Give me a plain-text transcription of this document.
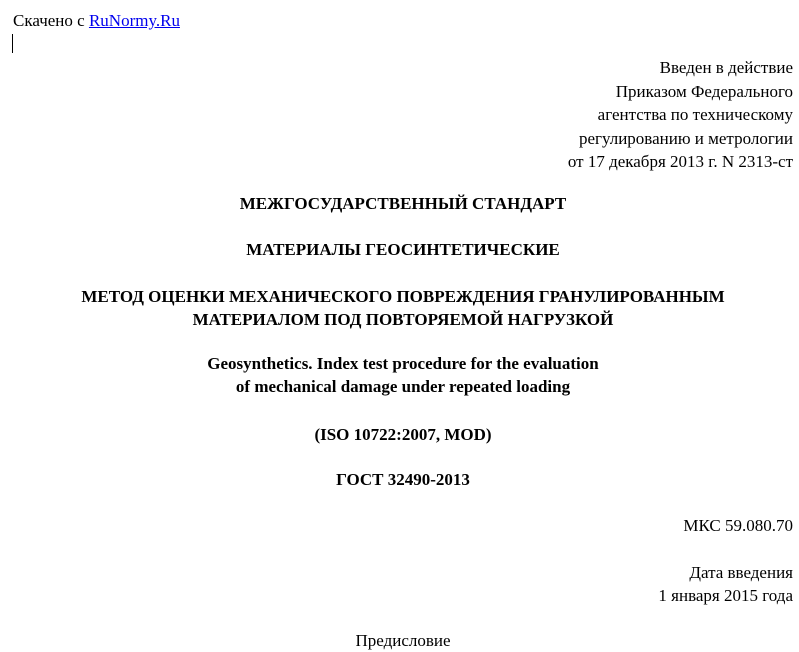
Скачено с RuNormy.Ru
Введен в действие
Приказом Федерального
агентства по техническому
регулированию и метрологии
от 17 декабря 2013 г. N 2313-ст
МЕЖГОСУДАРСТВЕННЫЙ СТАНДАРТ
МАТЕРИАЛЫ ГЕОСИНТЕТИЧЕСКИЕ
МЕТОД ОЦЕНКИ МЕХАНИЧЕСКОГО ПОВРЕЖДЕНИЯ ГРАНУЛИРОВАННЫМ
МАТЕРИАЛОМ ПОД ПОВТОРЯЕМОЙ НАГРУЗКОЙ
Geosynthetics. Index test procedure for the evaluation
of mechanical damage under repeated loading
(ISO 10722:2007, MOD)
ГОСТ 32490-2013
МКС 59.080.70
Дата введения
1 января 2015 года
Предисловие
